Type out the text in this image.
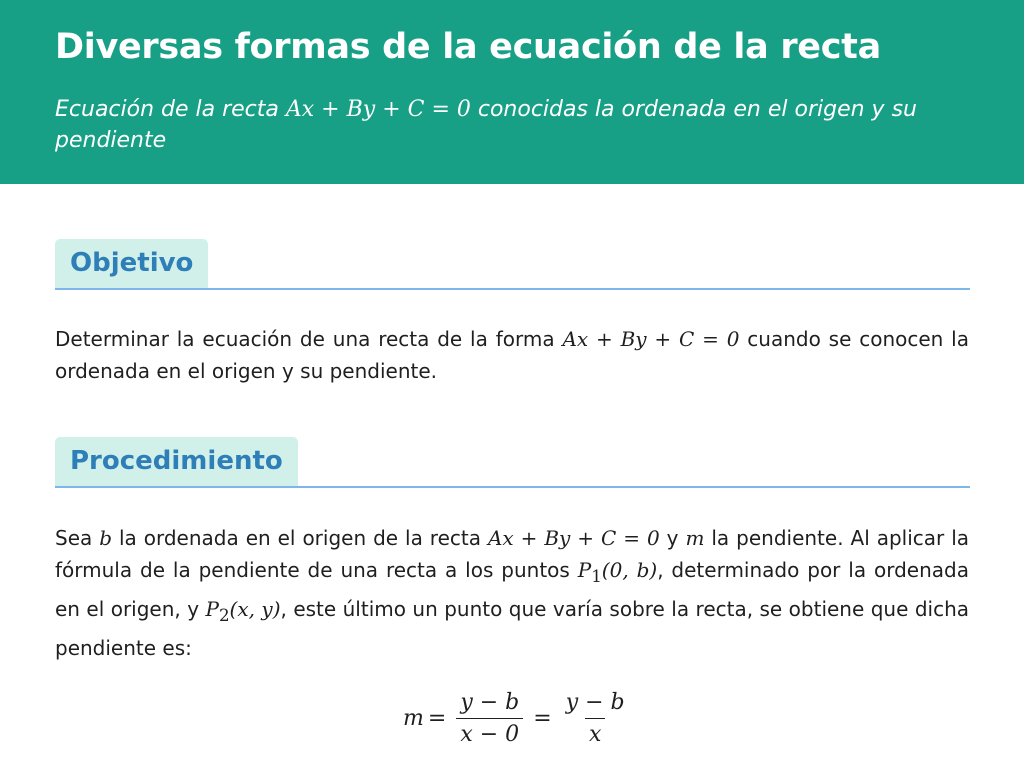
Diversas formas de la ecuación de la recta

Ecuación de la recta Ax + By + C = 0 conocidas la ordenada en el origen y su pendiente

Objetivo

Determinar la ecuación de una recta de la forma Ax + By + C = 0 cuando se conocen la ordenada en el origen y su pendiente.

Procedimiento

Sea b la ordenada en el origen de la recta Ax + By + C = 0 y m la pendiente. Al aplicar la fórmula de la pendiente de una recta a los puntos $P_1(0$, b), determinado por la ordenada en el origen, y $P_2(x$, y), este último un punto que varía sobre la recta, se obtiene que dicha pendiente es:

$m = \frac{y - b}{x - 0} = \frac{y - b}{x}$
